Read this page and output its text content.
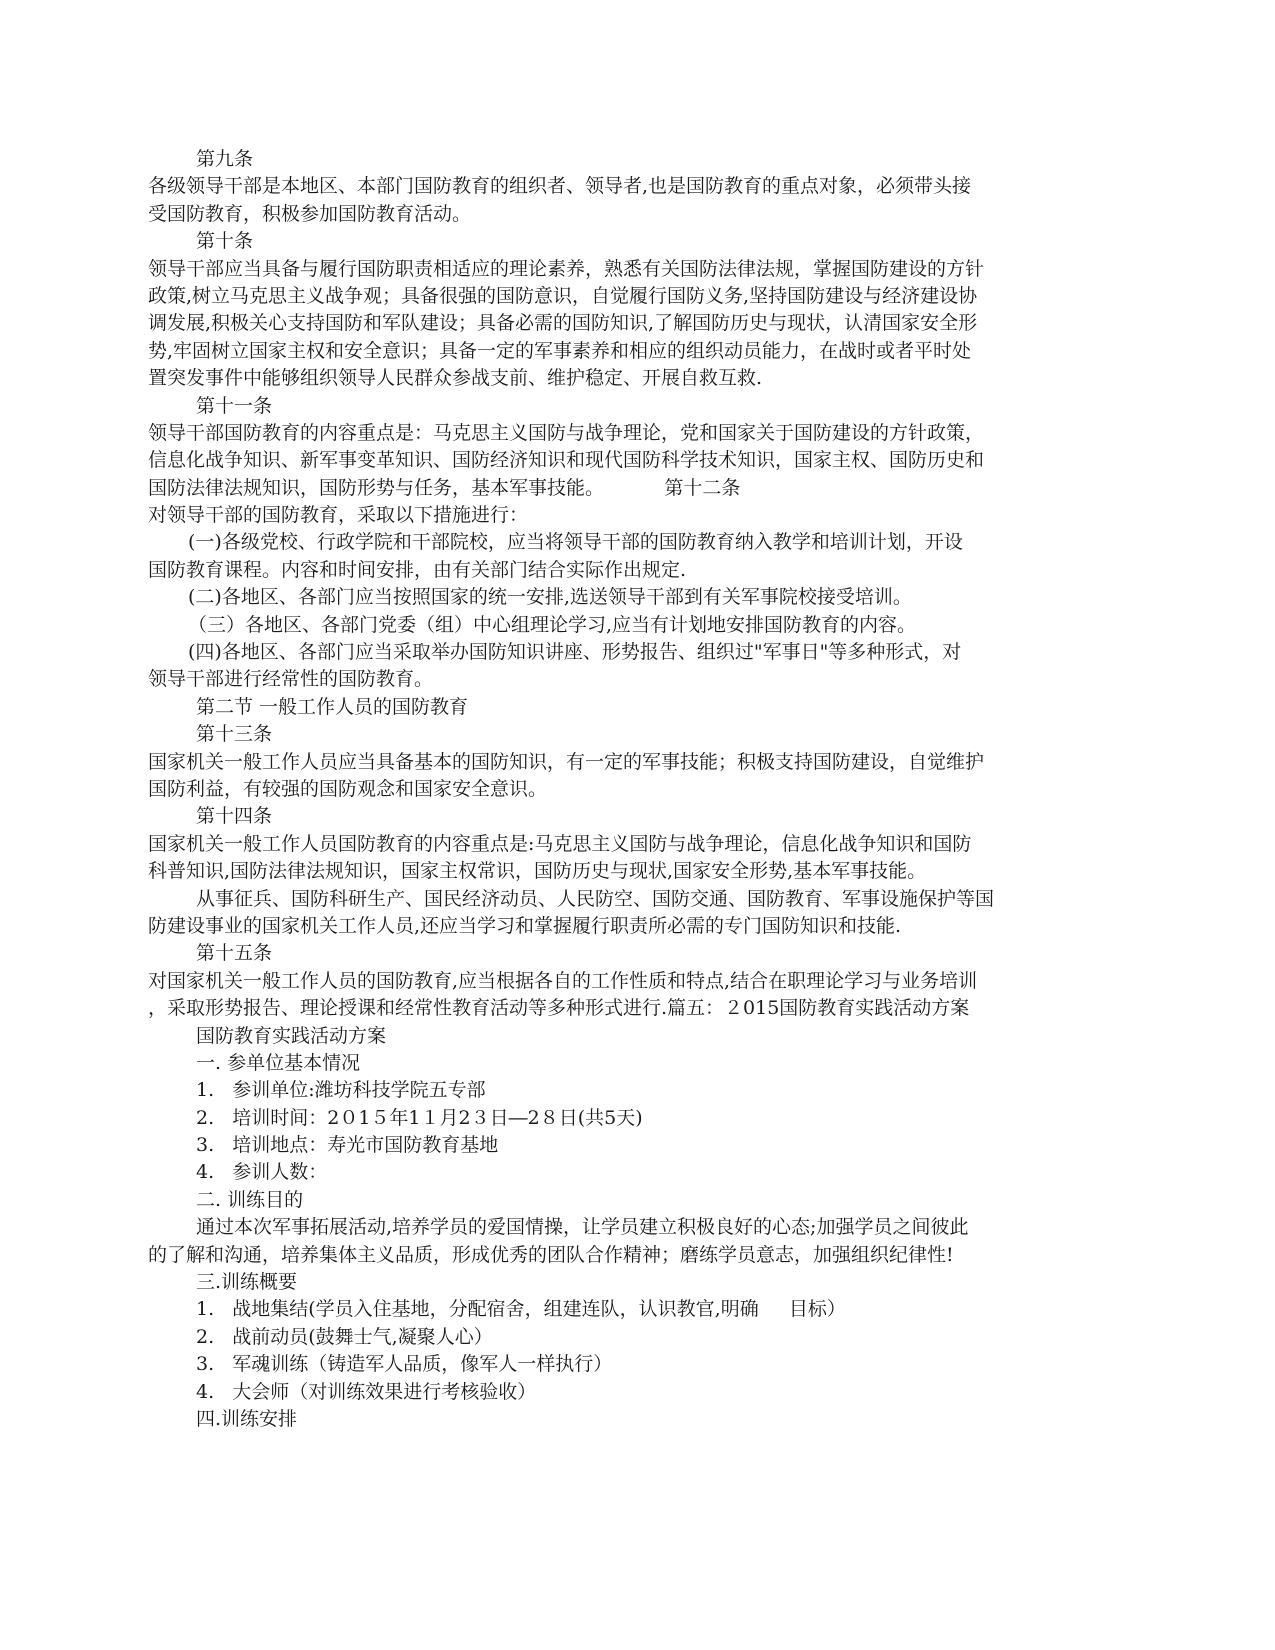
第九条
各级领导干部是本地区、本部门国防教育的组织者、领导者,也是国防教育的重点对象，必须带头接
受国防教育，积极参加国防教育活动。
第十条
领导干部应当具备与履行国防职责相适应的理论素养，熟悉有关国防法律法规，掌握国防建设的方针
政策,树立马克思主义战争观；具备很强的国防意识，自觉履行国防义务,坚持国防建设与经济建设协
调发展,积极关心支持国防和军队建设；具备必需的国防知识,了解国防历史与现状，认清国家安全形
势,牢固树立国家主权和安全意识；具备一定的军事素养和相应的组织动员能力，在战时或者平时处
置突发事件中能够组织领导人民群众参战支前、维护稳定、开展自救互救.
第十一条
领导干部国防教育的内容重点是：马克思主义国防与战争理论，党和国家关于国防建设的方针政策，
信息化战争知识、新军事变革知识、国防经济知识和现代国防科学技术知识，国家主权、国防历史和
国防法律法规知识，国防形势与任务，基本军事技能。          第十二条
对领导干部的国防教育，采取以下措施进行：
(一)各级党校、行政学院和干部院校，应当将领导干部的国防教育纳入教学和培训计划，开设
国防教育课程。内容和时间安排，由有关部门结合实际作出规定.
(二)各地区、各部门应当按照国家的统一安排,选送领导干部到有关军事院校接受培训。
（三）各地区、各部门党委（组）中心组理论学习,应当有计划地安排国防教育的内容。
(四)各地区、各部门应当采取举办国防知识讲座、形势报告、组织过"军事日"等多种形式，对
领导干部进行经常性的国防教育。
第二节 一般工作人员的国防教育
第十三条
国家机关一般工作人员应当具备基本的国防知识，有一定的军事技能；积极支持国防建设，自觉维护
国防利益，有较强的国防观念和国家安全意识。
第十四条
国家机关一般工作人员国防教育的内容重点是:马克思主义国防与战争理论，信息化战争知识和国防
科普知识,国防法律法规知识，国家主权常识，国防历史与现状,国家安全形势,基本军事技能。
从事征兵、国防科研生产、国民经济动员、人民防空、国防交通、国防教育、军事设施保护等国
防建设事业的国家机关工作人员,还应当学习和掌握履行职责所必需的专门国防知识和技能.
第十五条
对国家机关一般工作人员的国防教育,应当根据各自的工作性质和特点,结合在职理论学习与业务培训
，采取形势报告、理论授课和经常性教育活动等多种形式进行.篇五：２015国防教育实践活动方案
国防教育实践活动方案
一. 参单位基本情况
1.   参训单位:潍坊科技学院五专部
2.   培训时间：2０1５年1１月2３日―2８日(共5天)
3.   培训地点：寿光市国防教育基地
4.   参训人数：
二. 训练目的
通过本次军事拓展活动,培养学员的爱国情操，让学员建立积极良好的心态;加强学员之间彼此
的了解和沟通，培养集体主义品质，形成优秀的团队合作精神；磨练学员意志，加强组织纪律性!
三.训练概要
1.   战地集结(学员入住基地，分配宿舍，组建连队，认识教官,明确     目标）
2.   战前动员(鼓舞士气,凝聚人心）
3.   军魂训练（铸造军人品质，像军人一样执行）
4.   大会师（对训练效果进行考核验收）
四.训练安排
